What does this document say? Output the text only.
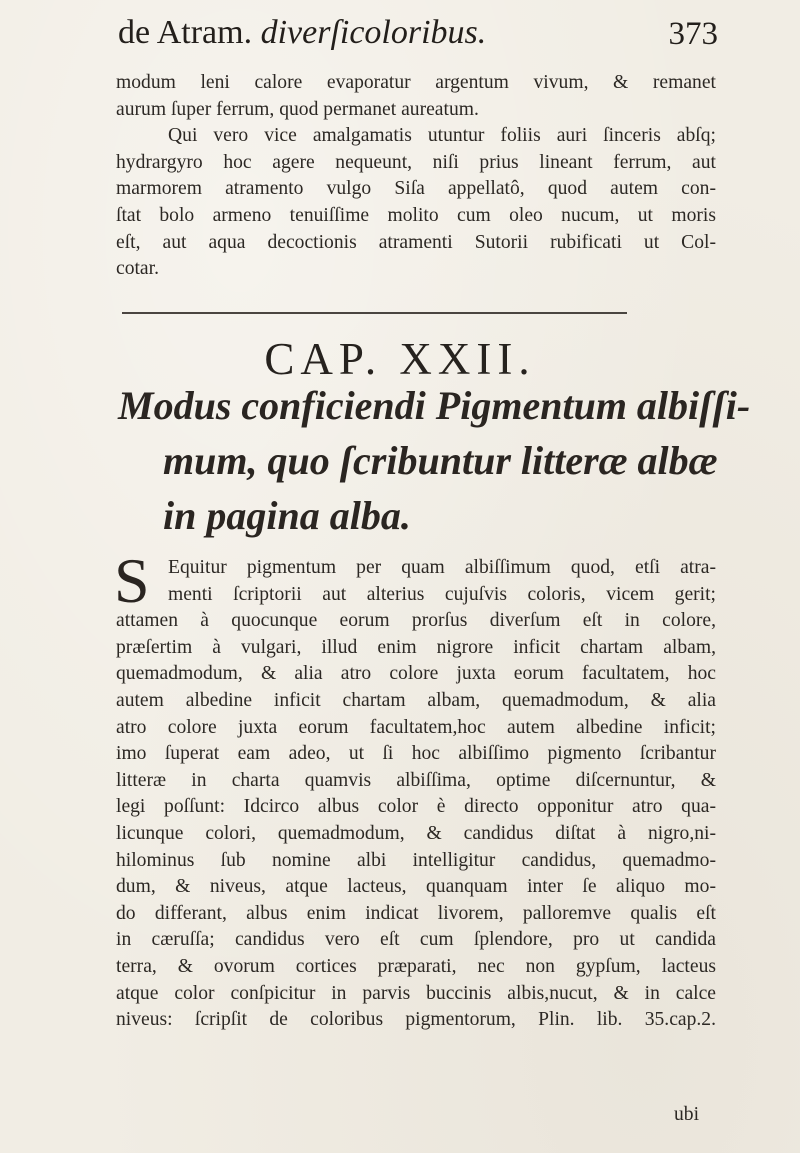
de Atram. diverſicoloribus.	373
modum leni calore evaporatur argentum vivum, & remanet
aurum ſuper ferrum, quod permanet aureatum.
Qui vero vice amalgamatis utuntur foliis auri ſinceris abſq;
hydrargyro hoc agere nequeunt, niſi prius lineant ferrum, aut
marmorem atramento vulgo Siſa appellatô, quod autem con-
ſtat bolo armeno tenuiſſime molito cum oleo nucum, ut moris
eſt, aut aqua decoctionis atramenti Sutorii rubificati ut Col-
cotar.
CAP. XXII.
Modus conficiendi Pigmentum albiſſi-
mum, quo ſcribuntur litteræ albæ
in pagina alba.
S Equitur pigmentum per quam albiſſimum quod, etſi atra-
menti ſcriptorii aut alterius cujuſvis coloris, vicem gerit;
attamen à quocunque eorum prorſus diverſum eſt in colore,
præſertim à vulgari, illud enim nigrore inficit chartam albam,
quemadmodum, & alia atro colore juxta eorum facultatem, hoc
autem albedine inficit chartam albam, quemadmodum, & alia
atro colore juxta eorum facultatem,hoc autem albedine inficit;
imo ſuperat eam adeo, ut ſi hoc albiſſimo pigmento ſcribantur
litteræ in charta quamvis albiſſima, optime diſcernuntur, &
legi poſſunt: Idcirco albus color è directo opponitur atro qua-
licunque colori, quemadmodum, & candidus diſtat à nigro,ni-
hilominus ſub nomine albi intelligitur candidus, quemadmo-
dum, & niveus, atque lacteus, quanquam inter ſe aliquo mo-
do differant, albus enim indicat livorem, palloremve qualis eſt
in cæruſſa; candidus vero eſt cum ſplendore, pro ut candida
terra, & ovorum cortices præparati, nec non gypſum, lacteus
atque color conſpicitur in parvis buccinis albis,nucut, & in calce
niveus: ſcripſit de coloribus pigmentorum, Plin. lib. 35.cap.2.
ubi
